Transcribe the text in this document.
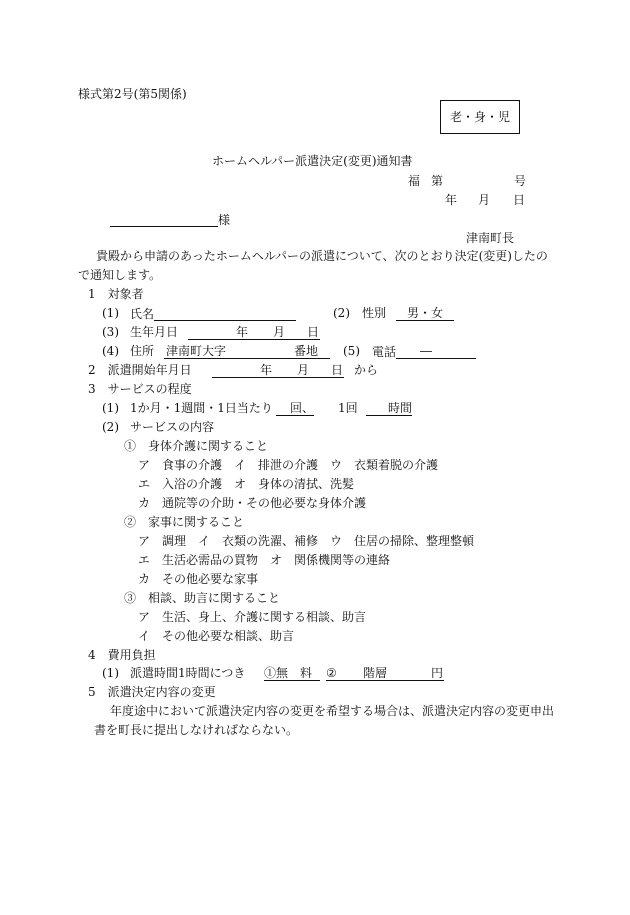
様式第2号(第5関係)
老・身・児
ホームヘルパー派遣決定(変更)通知書
福 第	号
年 月 日
様
津南町長
貴殿から申請のあったホームヘルパーの派遣について、次のとおり決定(変更)したの
で通知します。
1　対象者
(1) 氏名	(2) 性別	男・女
(3) 生年月日	年 月 日
(4) 住所 津南町大字	番地 (5) 電話 ―
2　派遣開始年月日	年 月 日 から
3　サービスの程度
(1) 1か月・1週間・1日当たり	回、 1回	時間
(2) サービスの内容
①　身体介護に関すること
ア　食事の介護　イ　排泄の介護　ウ　衣類着脱の介護
エ　入浴の介護　オ　身体の清拭、洗髪
カ　通院等の介助・その他必要な身体介護
②　家事に関すること
ア　調理　イ　衣類の洗濯、補修　ウ　住居の掃除、整理整頓
エ　生活必需品の買物　オ　関係機関等の連絡
カ　その他必要な家事
③　相談、助言に関すること
ア　生活、身上、介護に関する相談、助言
イ　その他必要な相談、助言
4　費用負担
(1) 派遣時間1時間につき ①無　料	② 階層	円
5　派遣決定内容の変更
年度途中において派遣決定内容の変更を希望する場合は、派遣決定内容の変更申出
書を町長に提出しなければならない。
